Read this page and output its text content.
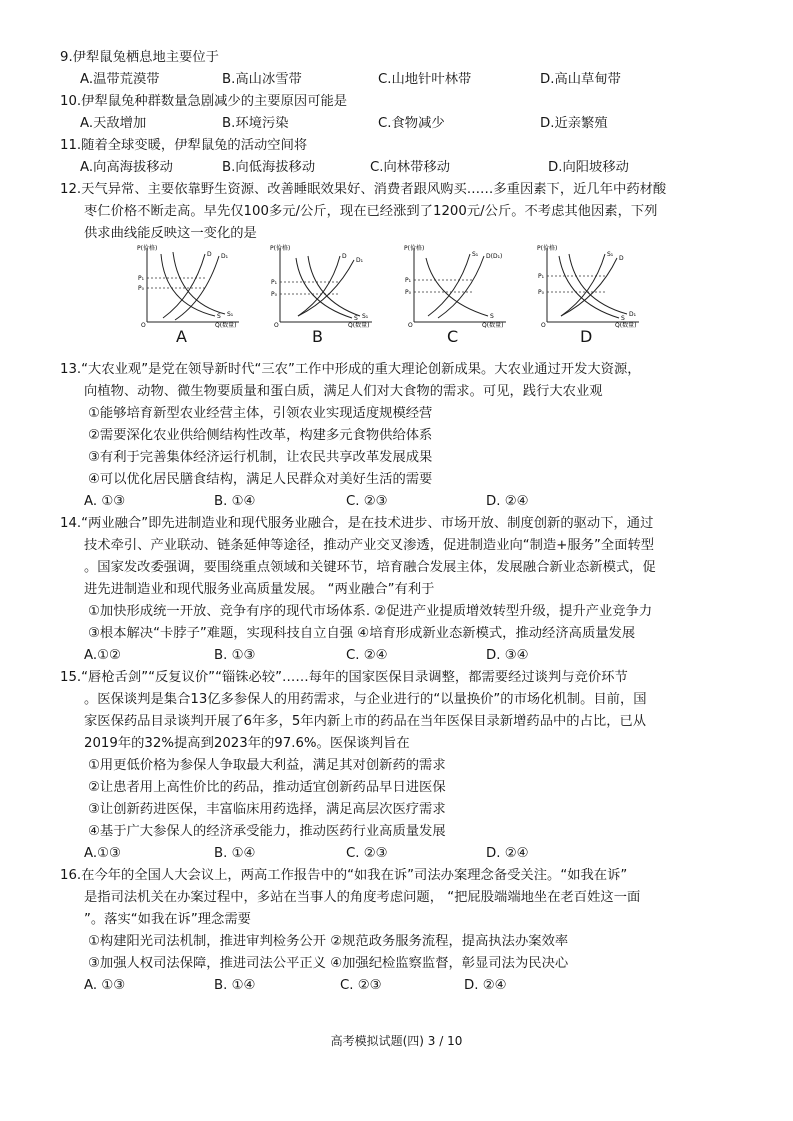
9.伊犁鼠兔栖息地主要位于
A.温带荒漠带	B.高山冰雪带	C.山地针叶林带	D.高山草甸带
10.伊犁鼠兔种群数量急剧减少的主要原因可能是
A.天敌增加	B.环境污染	C.食物减少	D.近亲繁殖
11.随着全球变暖，伊犁鼠兔的活动空间将
A.向高海拔移动	B.向低海拔移动	C.向林带移动	D.向阳坡移动
12.天气异常、主要依靠野生资源、改善睡眠效果好、消费者跟风购买……多重因素下，近几年中药材酸
枣仁价格不断走高。早先仅100多元/公斤，现在已经涨到了1200元/公斤。不考虑其他因素，下列
供求曲线能反映这一变化的是
P(价格)
Q(数量)
O
P₁
P₀
S S₁
D D₁
P(价格)
Q(数量)
O
P₁
P₀
S S₁
D
D₁
P(价格)
Q(数量)
O
P₁
P₀
S
S₁ D(D₁)
P(价格)
Q(数量)
O
P₁
P₀
S
S₁
D
D₁
A	B	C	D
13.“大农业观”是党在领导新时代“三农”工作中形成的重大理论创新成果。大农业通过开发大资源，
向植物、动物、微生物要质量和蛋白质，满足人们对大食物的需求。可见，践行大农业观
①能够培育新型农业经营主体，引领农业实现适度规模经营
②需要深化农业供给侧结构性改革，构建多元食物供给体系
③有利于完善集体经济运行机制，让农民共享改革发展成果
④可以优化居民膳食结构，满足人民群众对美好生活的需要
A. ①③	B. ①④	C. ②③	D. ②④
14.“两业融合”即先进制造业和现代服务业融合，是在技术进步、市场开放、制度创新的驱动下，通过
技术牵引、产业联动、链条延伸等途径，推动产业交叉渗透，促进制造业向“制造+服务”全面转型
。国家发改委强调，要围绕重点领域和关键环节，培育融合发展主体，发展融合新业态新模式，促
进先进制造业和现代服务业高质量发展。 “两业融合”有利于
①加快形成统一开放、竞争有序的现代市场体系. ②促进产业提质增效转型升级，提升产业竞争力
③根本解决“卡脖子”难题，实现科技自立自强 ④培育形成新业态新模式，推动经济高质量发展
A.①②	B. ①③	C. ②④	D. ③④
15.“唇枪舌剑”“反复议价”“锱铢必较”……每年的国家医保目录调整，都需要经过谈判与竞价环节
。医保谈判是集合13亿多参保人的用药需求，与企业进行的“以量换价”的市场化机制。目前，国
家医保药品目录谈判开展了6年多，5年内新上市的药品在当年医保目录新增药品中的占比，已从
2019年的32%提高到2023年的97.6%。医保谈判旨在
①用更低价格为参保人争取最大利益，满足其对创新药的需求
②让患者用上高性价比的药品，推动适宜创新药品早日进医保
③让创新药进医保，丰富临床用药选择，满足高层次医疗需求
④基于广大参保人的经济承受能力，推动医药行业高质量发展
A.①③	B. ①④	C. ②③	D. ②④
16.在今年的全国人大会议上，两高工作报告中的“如我在诉”司法办案理念备受关注。“如我在诉”
是指司法机关在办案过程中，多站在当事人的角度考虑问题， “把屁股端端地坐在老百姓这一面
”。落实“如我在诉”理念需要
①构建阳光司法机制，推进审判检务公开 ②规范政务服务流程，提高执法办案效率
③加强人权司法保障，推进司法公平正义 ④加强纪检监察监督，彰显司法为民决心
A. ①③	B. ①④	C. ②③	D. ②④
高考模拟试题(四) 3 / 10
